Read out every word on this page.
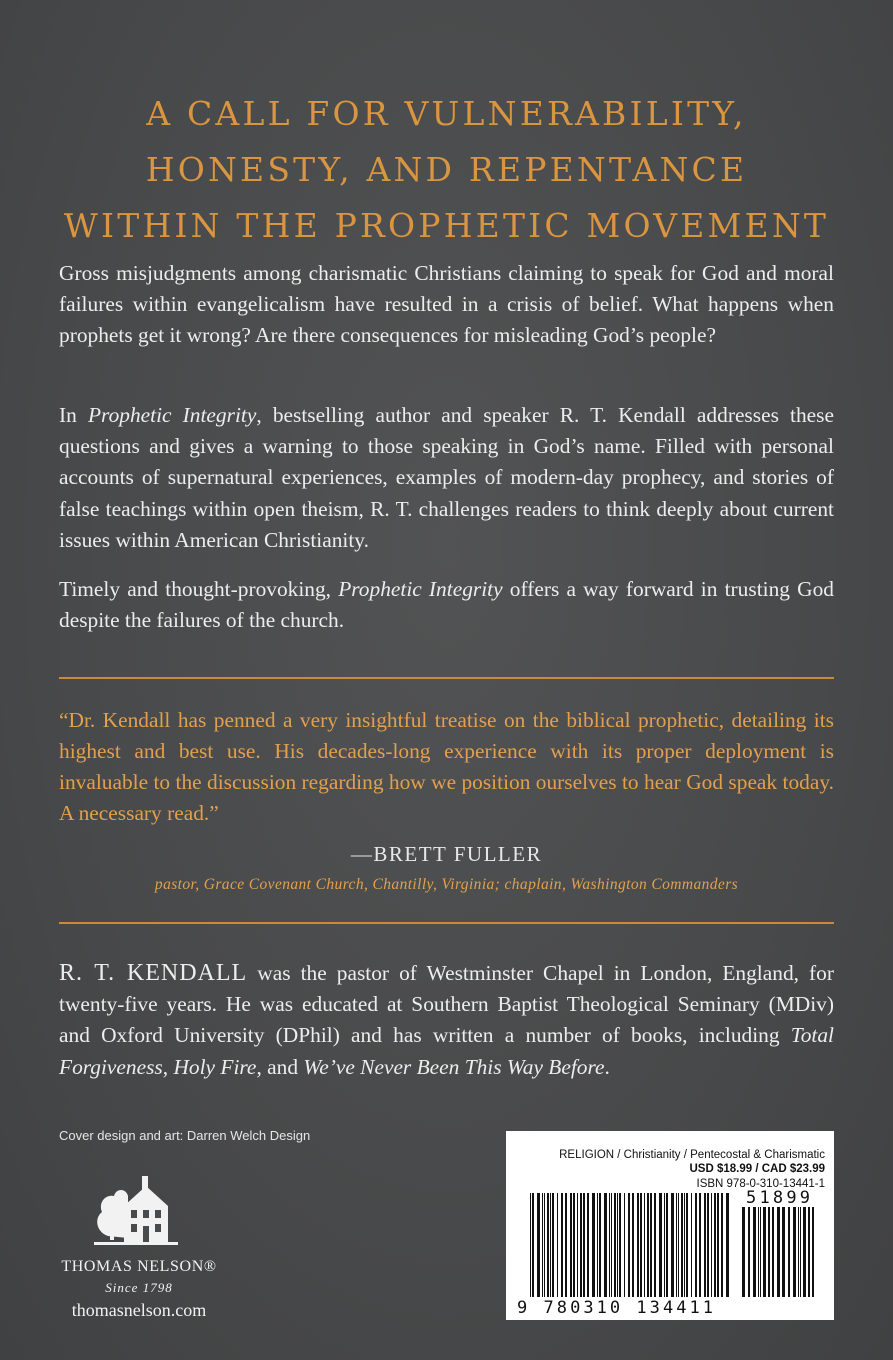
A CALL FOR VULNERABILITY,
HONESTY, AND REPENTANCE
WITHIN THE PROPHETIC MOVEMENT
Gross misjudgments among charismatic Christians claiming to speak for God and moral failures within evangelicalism have resulted in a crisis of belief. What happens when prophets get it wrong? Are there consequences for misleading God’s people?
In Prophetic Integrity, bestselling author and speaker R. T. Kendall addresses these questions and gives a warning to those speaking in God’s name. Filled with personal accounts of supernatural experiences, examples of modern-day prophecy, and stories of false teachings within open theism, R. T. challenges readers to think deeply about current issues within American Christianity.
Timely and thought-provoking, Prophetic Integrity offers a way forward in trusting God despite the failures of the church.
“Dr. Kendall has penned a very insightful treatise on the biblical prophetic, detailing its highest and best use. His decades-long experience with its proper deployment is invaluable to the discussion regarding how we position ourselves to hear God speak today. A necessary read.”
—BRETT FULLER
pastor, Grace Covenant Church, Chantilly, Virginia; chaplain, Washington Commanders
R. T. KENDALL was the pastor of Westminster Chapel in London, England, for twenty-five years. He was educated at Southern Baptist Theological Seminary (MDiv) and Oxford University (DPhil) and has written a number of books, including Total Forgiveness, Holy Fire, and We’ve Never Been This Way Before.
Cover design and art: Darren Welch Design
THOMAS NELSON®
Since 1798
thomasnelson.com
RELIGION / Christianity / Pentecostal & Charismatic
USD $18.99 / CAD $23.99
ISBN 978-0-310-13441-1
9 780310 134411
51899
